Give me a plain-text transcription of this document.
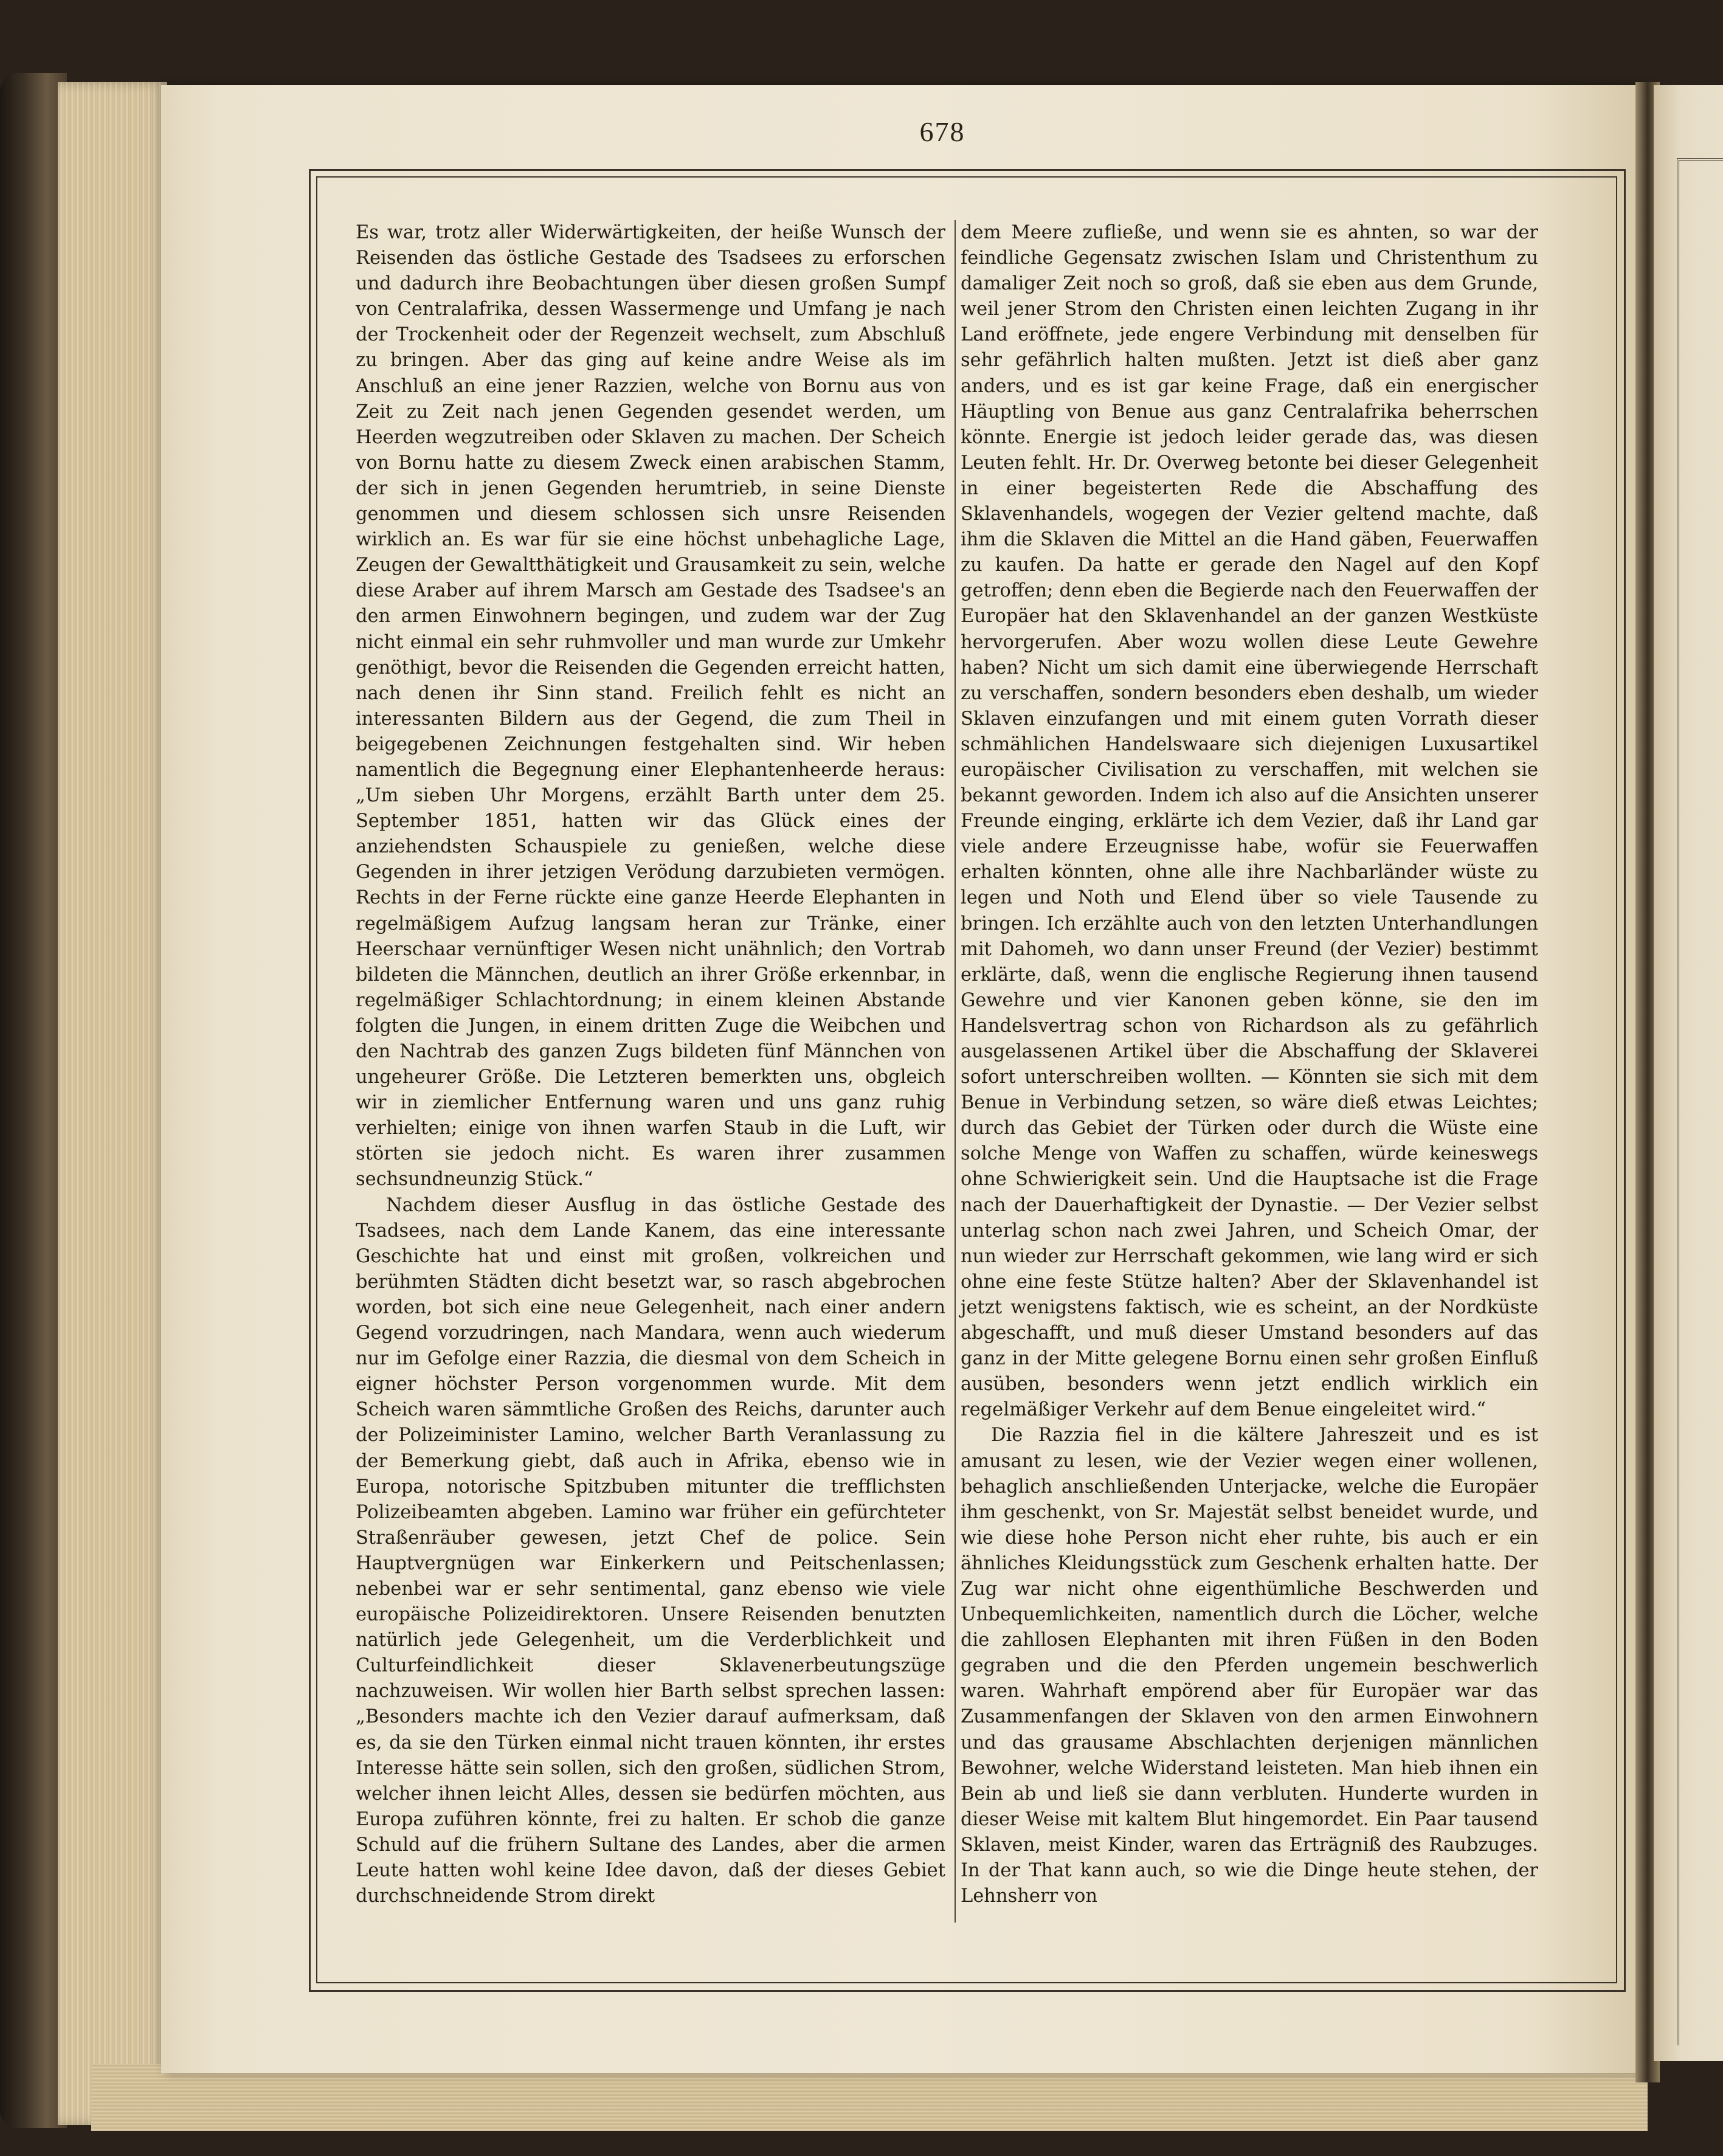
678

Es war, trotz aller Widerwärtigkeiten, der heiße Wunsch der Reisenden das östliche Gestade des Tsadsees zu erforschen und dadurch ihre Beobachtungen über diesen großen Sumpf von Centralafrika, dessen Wassermenge und Umfang je nach der Trockenheit oder der Regenzeit wechselt, zum Abschluß zu bringen. Aber das ging auf keine andre Weise als im Anschluß an eine jener Razzien, welche von Bornu aus von Zeit zu Zeit nach jenen Gegenden gesendet werden, um Heerden wegzutreiben oder Sklaven zu machen. Der Scheich von Bornu hatte zu diesem Zweck einen arabischen Stamm, der sich in jenen Gegenden herumtrieb, in seine Dienste genommen und diesem schlossen sich unsre Reisenden wirklich an. Es war für sie eine höchst unbehagliche Lage, Zeugen der Gewaltthätigkeit und Grausamkeit zu sein, welche diese Araber auf ihrem Marsch am Gestade des Tsadsee's an den armen Einwohnern begingen, und zudem war der Zug nicht einmal ein sehr ruhmvoller und man wurde zur Umkehr genöthigt, bevor die Reisenden die Gegenden erreicht hatten, nach denen ihr Sinn stand. Freilich fehlt es nicht an interessanten Bildern aus der Gegend, die zum Theil in beigegebenen Zeichnungen festgehalten sind. Wir heben namentlich die Begegnung einer Elephantenheerde heraus: „Um sieben Uhr Morgens, erzählt Barth unter dem 25. September 1851, hatten wir das Glück eines der anziehendsten Schauspiele zu genießen, welche diese Gegenden in ihrer jetzigen Verödung darzubieten vermögen. Rechts in der Ferne rückte eine ganze Heerde Elephanten in regelmäßigem Aufzug langsam heran zur Tränke, einer Heerschaar vernünftiger Wesen nicht unähnlich; den Vortrab bildeten die Männchen, deutlich an ihrer Größe erkennbar, in regelmäßiger Schlachtordnung; in einem kleinen Abstande folgten die Jungen, in einem dritten Zuge die Weibchen und den Nachtrab des ganzen Zugs bildeten fünf Männchen von ungeheurer Größe. Die Letzteren bemerkten uns, obgleich wir in ziemlicher Entfernung waren und uns ganz ruhig verhielten; einige von ihnen warfen Staub in die Luft, wir störten sie jedoch nicht. Es waren ihrer zusammen sechsundneunzig Stück.“

Nachdem dieser Ausflug in das östliche Gestade des Tsadsees, nach dem Lande Kanem, das eine interessante Geschichte hat und einst mit großen, volkreichen und berühmten Städten dicht besetzt war, so rasch abgebrochen worden, bot sich eine neue Gelegenheit, nach einer andern Gegend vorzudringen, nach Mandara, wenn auch wiederum nur im Gefolge einer Razzia, die diesmal von dem Scheich in eigner höchster Person vorgenommen wurde. Mit dem Scheich waren sämmtliche Großen des Reichs, darunter auch der Polizeiminister Lamino, welcher Barth Veranlassung zu der Bemerkung giebt, daß auch in Afrika, ebenso wie in Europa, notorische Spitzbuben mitunter die trefflichsten Polizeibeamten abgeben. Lamino war früher ein gefürchteter Straßenräuber gewesen, jetzt Chef de police. Sein Hauptvergnügen war Einkerkern und Peitschenlassen; nebenbei war er sehr sentimental, ganz ebenso wie viele europäische Polizeidirektoren. Unsere Reisenden benutzten natürlich jede Gelegenheit, um die Verderblichkeit und Culturfeindlichkeit dieser Sklavenerbeutungszüge nachzuweisen. Wir wollen hier Barth selbst sprechen lassen: „Besonders machte ich den Vezier darauf aufmerksam, daß es, da sie den Türken einmal nicht trauen könnten, ihr erstes Interesse hätte sein sollen, sich den großen, südlichen Strom, welcher ihnen leicht Alles, dessen sie bedürfen möchten, aus Europa zuführen könnte, frei zu halten. Er schob die ganze Schuld auf die frühern Sultane des Landes, aber die armen Leute hatten wohl keine Idee davon, daß der dieses Gebiet durchschneidende Strom direkt

dem Meere zufließe, und wenn sie es ahnten, so war der feindliche Gegensatz zwischen Islam und Christenthum zu damaliger Zeit noch so groß, daß sie eben aus dem Grunde, weil jener Strom den Christen einen leichten Zugang in ihr Land eröffnete, jede engere Verbindung mit denselben für sehr gefährlich halten mußten. Jetzt ist dieß aber ganz anders, und es ist gar keine Frage, daß ein energischer Häuptling von Benue aus ganz Centralafrika beherrschen könnte. Energie ist jedoch leider gerade das, was diesen Leuten fehlt. Hr. Dr. Overweg betonte bei dieser Gelegenheit in einer begeisterten Rede die Abschaffung des Sklavenhandels, wogegen der Vezier geltend machte, daß ihm die Sklaven die Mittel an die Hand gäben, Feuerwaffen zu kaufen. Da hatte er gerade den Nagel auf den Kopf getroffen; denn eben die Begierde nach den Feuerwaffen der Europäer hat den Sklavenhandel an der ganzen Westküste hervorgerufen. Aber wozu wollen diese Leute Gewehre haben? Nicht um sich damit eine überwiegende Herrschaft zu verschaffen, sondern besonders eben deshalb, um wieder Sklaven einzufangen und mit einem guten Vorrath dieser schmählichen Handelswaare sich diejenigen Luxusartikel europäischer Civilisation zu verschaffen, mit welchen sie bekannt geworden. Indem ich also auf die Ansichten unserer Freunde einging, erklärte ich dem Vezier, daß ihr Land gar viele andere Erzeugnisse habe, wofür sie Feuerwaffen erhalten könnten, ohne alle ihre Nachbarländer wüste zu legen und Noth und Elend über so viele Tausende zu bringen. Ich erzählte auch von den letzten Unterhandlungen mit Dahomeh, wo dann unser Freund (der Vezier) bestimmt erklärte, daß, wenn die englische Regierung ihnen tausend Gewehre und vier Kanonen geben könne, sie den im Handelsvertrag schon von Richardson als zu gefährlich ausgelassenen Artikel über die Abschaffung der Sklaverei sofort unterschreiben wollten. — Könnten sie sich mit dem Benue in Verbindung setzen, so wäre dieß etwas Leichtes; durch das Gebiet der Türken oder durch die Wüste eine solche Menge von Waffen zu schaffen, würde keineswegs ohne Schwierigkeit sein. Und die Hauptsache ist die Frage nach der Dauerhaftigkeit der Dynastie. — Der Vezier selbst unterlag schon nach zwei Jahren, und Scheich Omar, der nun wieder zur Herrschaft gekommen, wie lang wird er sich ohne eine feste Stütze halten? Aber der Sklavenhandel ist jetzt wenigstens faktisch, wie es scheint, an der Nordküste abgeschafft, und muß dieser Umstand besonders auf das ganz in der Mitte gelegene Bornu einen sehr großen Einfluß ausüben, besonders wenn jetzt endlich wirklich ein regelmäßiger Verkehr auf dem Benue eingeleitet wird.“

Die Razzia fiel in die kältere Jahreszeit und es ist amusant zu lesen, wie der Vezier wegen einer wollenen, behaglich anschließenden Unterjacke, welche die Europäer ihm geschenkt, von Sr. Majestät selbst beneidet wurde, und wie diese hohe Person nicht eher ruhte, bis auch er ein ähnliches Kleidungsstück zum Geschenk erhalten hatte. Der Zug war nicht ohne eigenthümliche Beschwerden und Unbequemlichkeiten, namentlich durch die Löcher, welche die zahllosen Elephanten mit ihren Füßen in den Boden gegraben und die den Pferden ungemein beschwerlich waren. Wahrhaft empörend aber für Europäer war das Zusammenfangen der Sklaven von den armen Einwohnern und das grausame Abschlachten derjenigen männlichen Bewohner, welche Widerstand leisteten. Man hieb ihnen ein Bein ab und ließ sie dann verbluten. Hunderte wurden in dieser Weise mit kaltem Blut hingemordet. Ein Paar tausend Sklaven, meist Kinder, waren das Erträgniß des Raubzuges. In der That kann auch, so wie die Dinge heute stehen, der Lehnsherr von
